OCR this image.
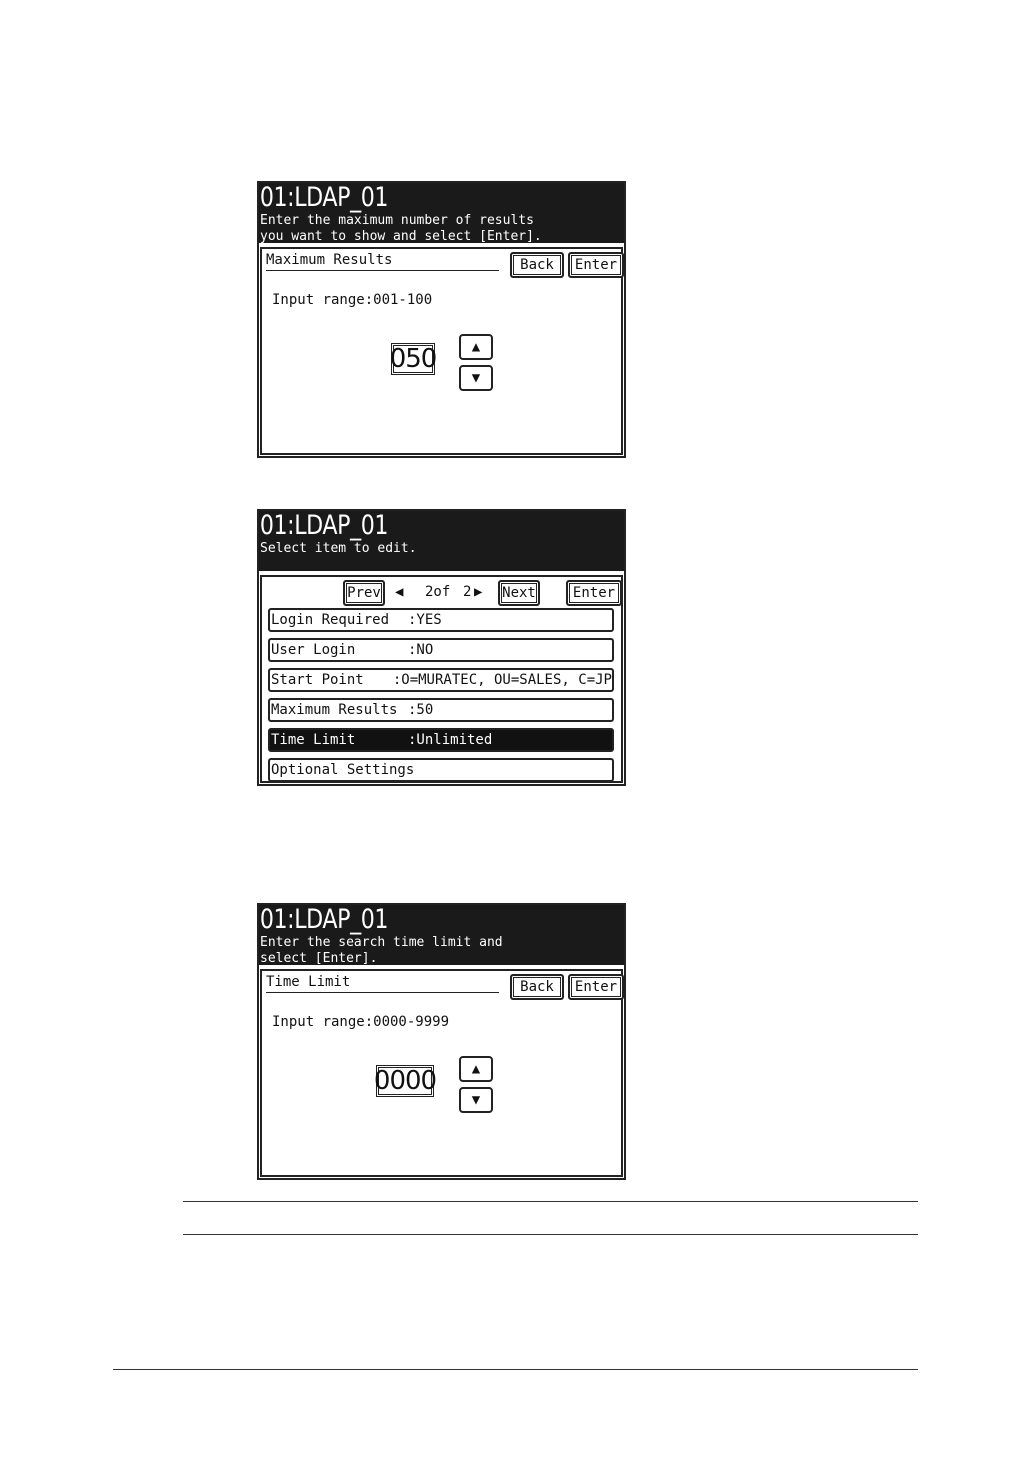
01:LDAP_01
Enter the maximum number of results
you want to show and select [Enter].
Maximum Results	Back	Enter
Input range:001-100
050	▲
▼
01:LDAP_01
Select item to edit.
Prev ◀ 2of 2 ▶ Next	Enter
Login Required	:YES
User Login	:NO
Start Point	:O=MURATEC, OU=SALES, C=JP
Maximum Results :50
Time Limit	:Unlimited
Optional Settings
01:LDAP_01
Enter the search time limit and
select [Enter].
Time Limit	Back	Enter
Input range:0000-9999
0000	▲
▼
